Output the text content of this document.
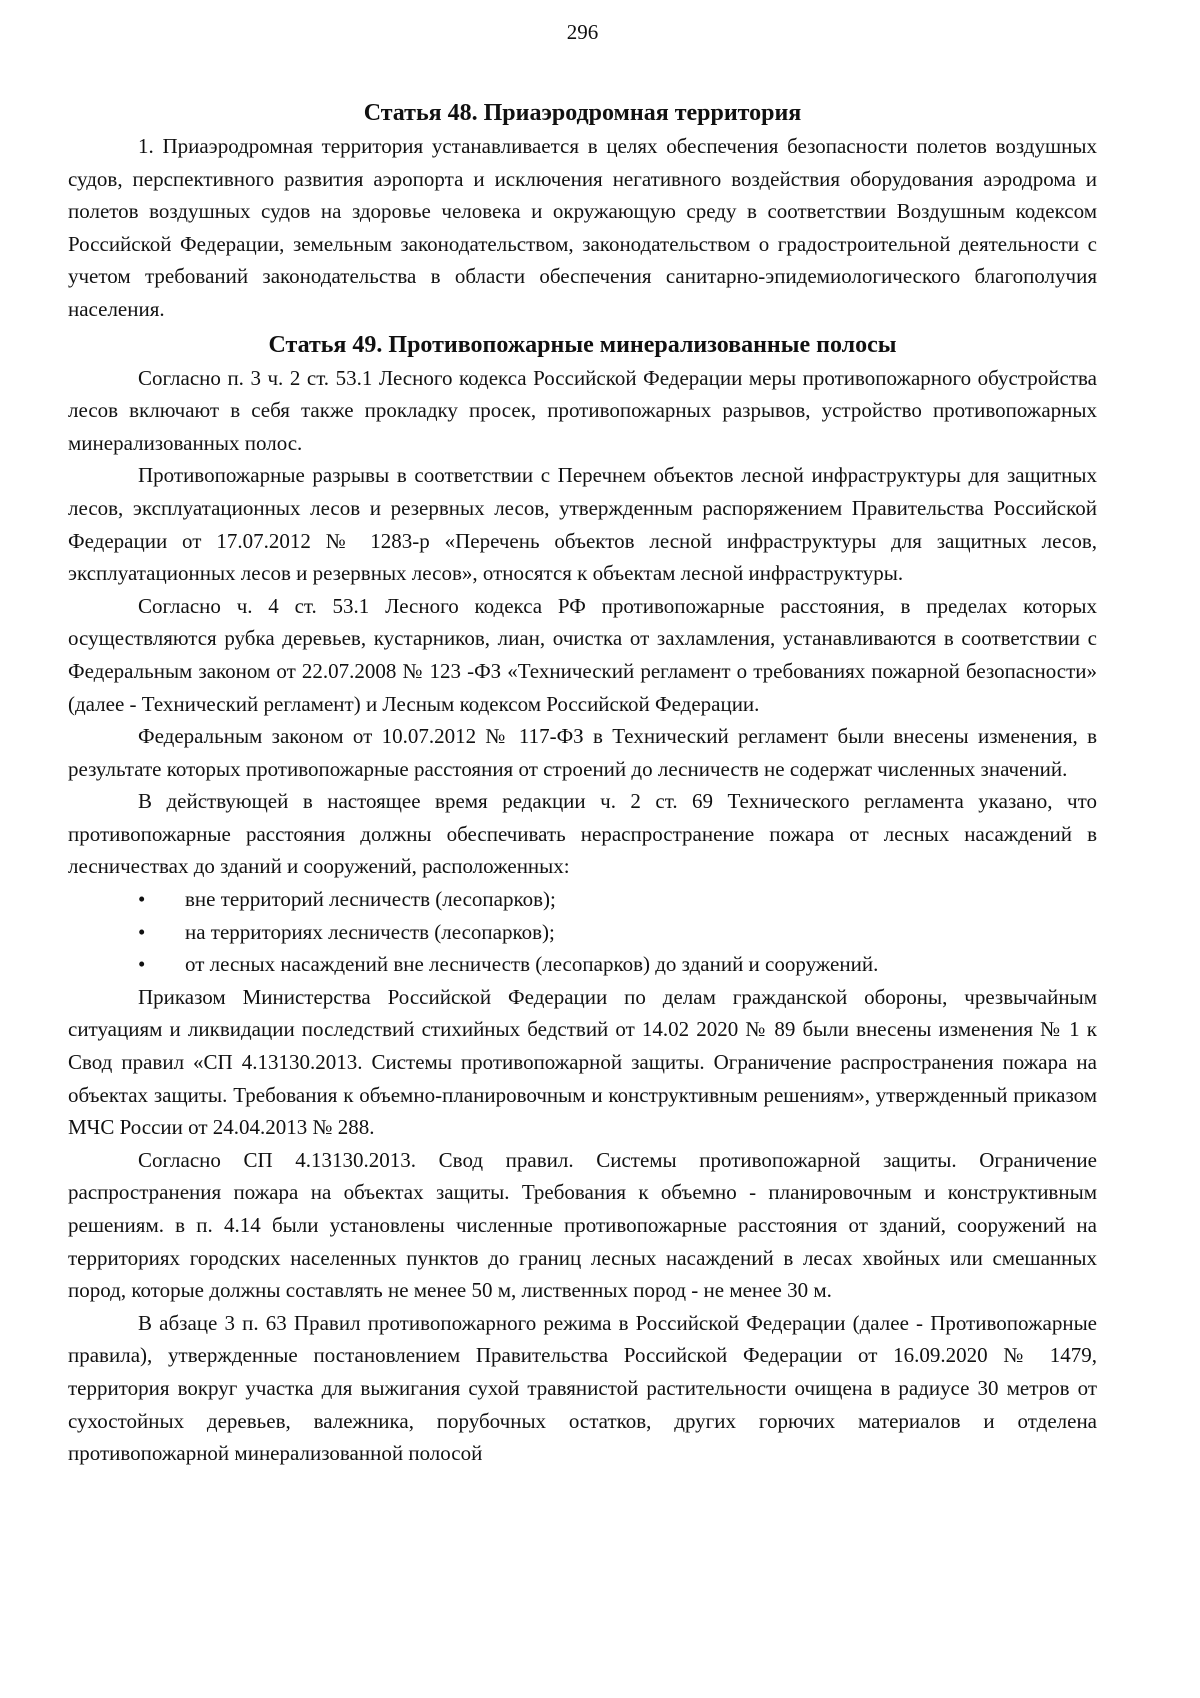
296
Статья 48. Приаэродромная территория

1. Приаэродромная территория устанавливается в целях обеспечения безопасности полетов воздушных судов, перспективного развития аэропорта и исключения негативного воздействия оборудования аэродрома и полетов воздушных судов на здоровье человека и окружающую среду в соответствии Воздушным кодексом Российской Федерации, земельным законодательством, законодательством о градостроительной деятельности с учетом требований законодательства в области обеспечения санитарно-эпидемиологического благополучия населения.

Статья 49. Противопожарные минерализованные полосы

Согласно п. 3 ч. 2 ст. 53.1 Лесного кодекса Российской Федерации меры противопожарного обустройства лесов включают в себя также прокладку просек, противопожарных разрывов, устройство противопожарных минерализованных полос.

Противопожарные разрывы в соответствии с Перечнем объектов лесной инфраструктуры для защитных лесов, эксплуатационных лесов и резервных лесов, утвержденным распоряжением Правительства Российской Федерации от 17.07.2012 № 1283-р «Перечень объектов лесной инфраструктуры для защитных лесов, эксплуатационных лесов и резервных лесов», относятся к объектам лесной инфраструктуры.

Согласно ч. 4 ст. 53.1 Лесного кодекса РФ противопожарные расстояния, в пределах которых осуществляются рубка деревьев, кустарников, лиан, очистка от захламления, устанавливаются в соответствии с Федеральным законом от 22.07.2008 № 123 -ФЗ «Технический регламент о требованиях пожарной безопасности» (далее - Технический регламент) и Лесным кодексом Российской Федерации.

Федеральным законом от 10.07.2012 № 117-ФЗ в Технический регламент были внесены изменения, в результате которых противопожарные расстояния от строений до лесничеств не содержат численных значений.

В действующей в настоящее время редакции ч. 2 ст. 69 Технического регламента указано, что противопожарные расстояния должны обеспечивать нераспространение пожара от лесных насаждений в лесничествах до зданий и сооружений, расположенных:

• вне территорий лесничеств (лесопарков);
• на территориях лесничеств (лесопарков);
• от лесных насаждений вне лесничеств (лесопарков) до зданий и сооружений.

Приказом Министерства Российской Федерации по делам гражданской обороны, чрезвычайным ситуациям и ликвидации последствий стихийных бедствий от 14.02 2020 № 89 были внесены изменения № 1 к Свод правил «СП 4.13130.2013. Системы противопожарной защиты. Ограничение распространения пожара на объектах защиты. Требования к объемно-планировочным и конструктивным решениям», утвержденный приказом МЧС России от 24.04.2013 № 288.

Согласно СП 4.13130.2013. Свод правил. Системы противопожарной защиты. Ограничение распространения пожара на объектах защиты. Требования к объемно - планировочным и конструктивным решениям. в п. 4.14 были установлены численные противопожарные расстояния от зданий, сооружений на территориях городских населенных пунктов до границ лесных насаждений в лесах хвойных или смешанных пород, которые должны составлять не менее 50 м, лиственных пород - не менее 30 м.

В абзаце 3 п. 63 Правил противопожарного режима в Российской Федерации (далее - Противопожарные правила), утвержденные постановлением Правительства Российской Федерации от 16.09.2020 № 1479, территория вокруг участка для выжигания сухой травянистой растительности очищена в радиусе 30 метров от сухостойных деревьев, валежника, порубочных остатков, других горючих материалов и отделена противопожарной минерализованной полосой
